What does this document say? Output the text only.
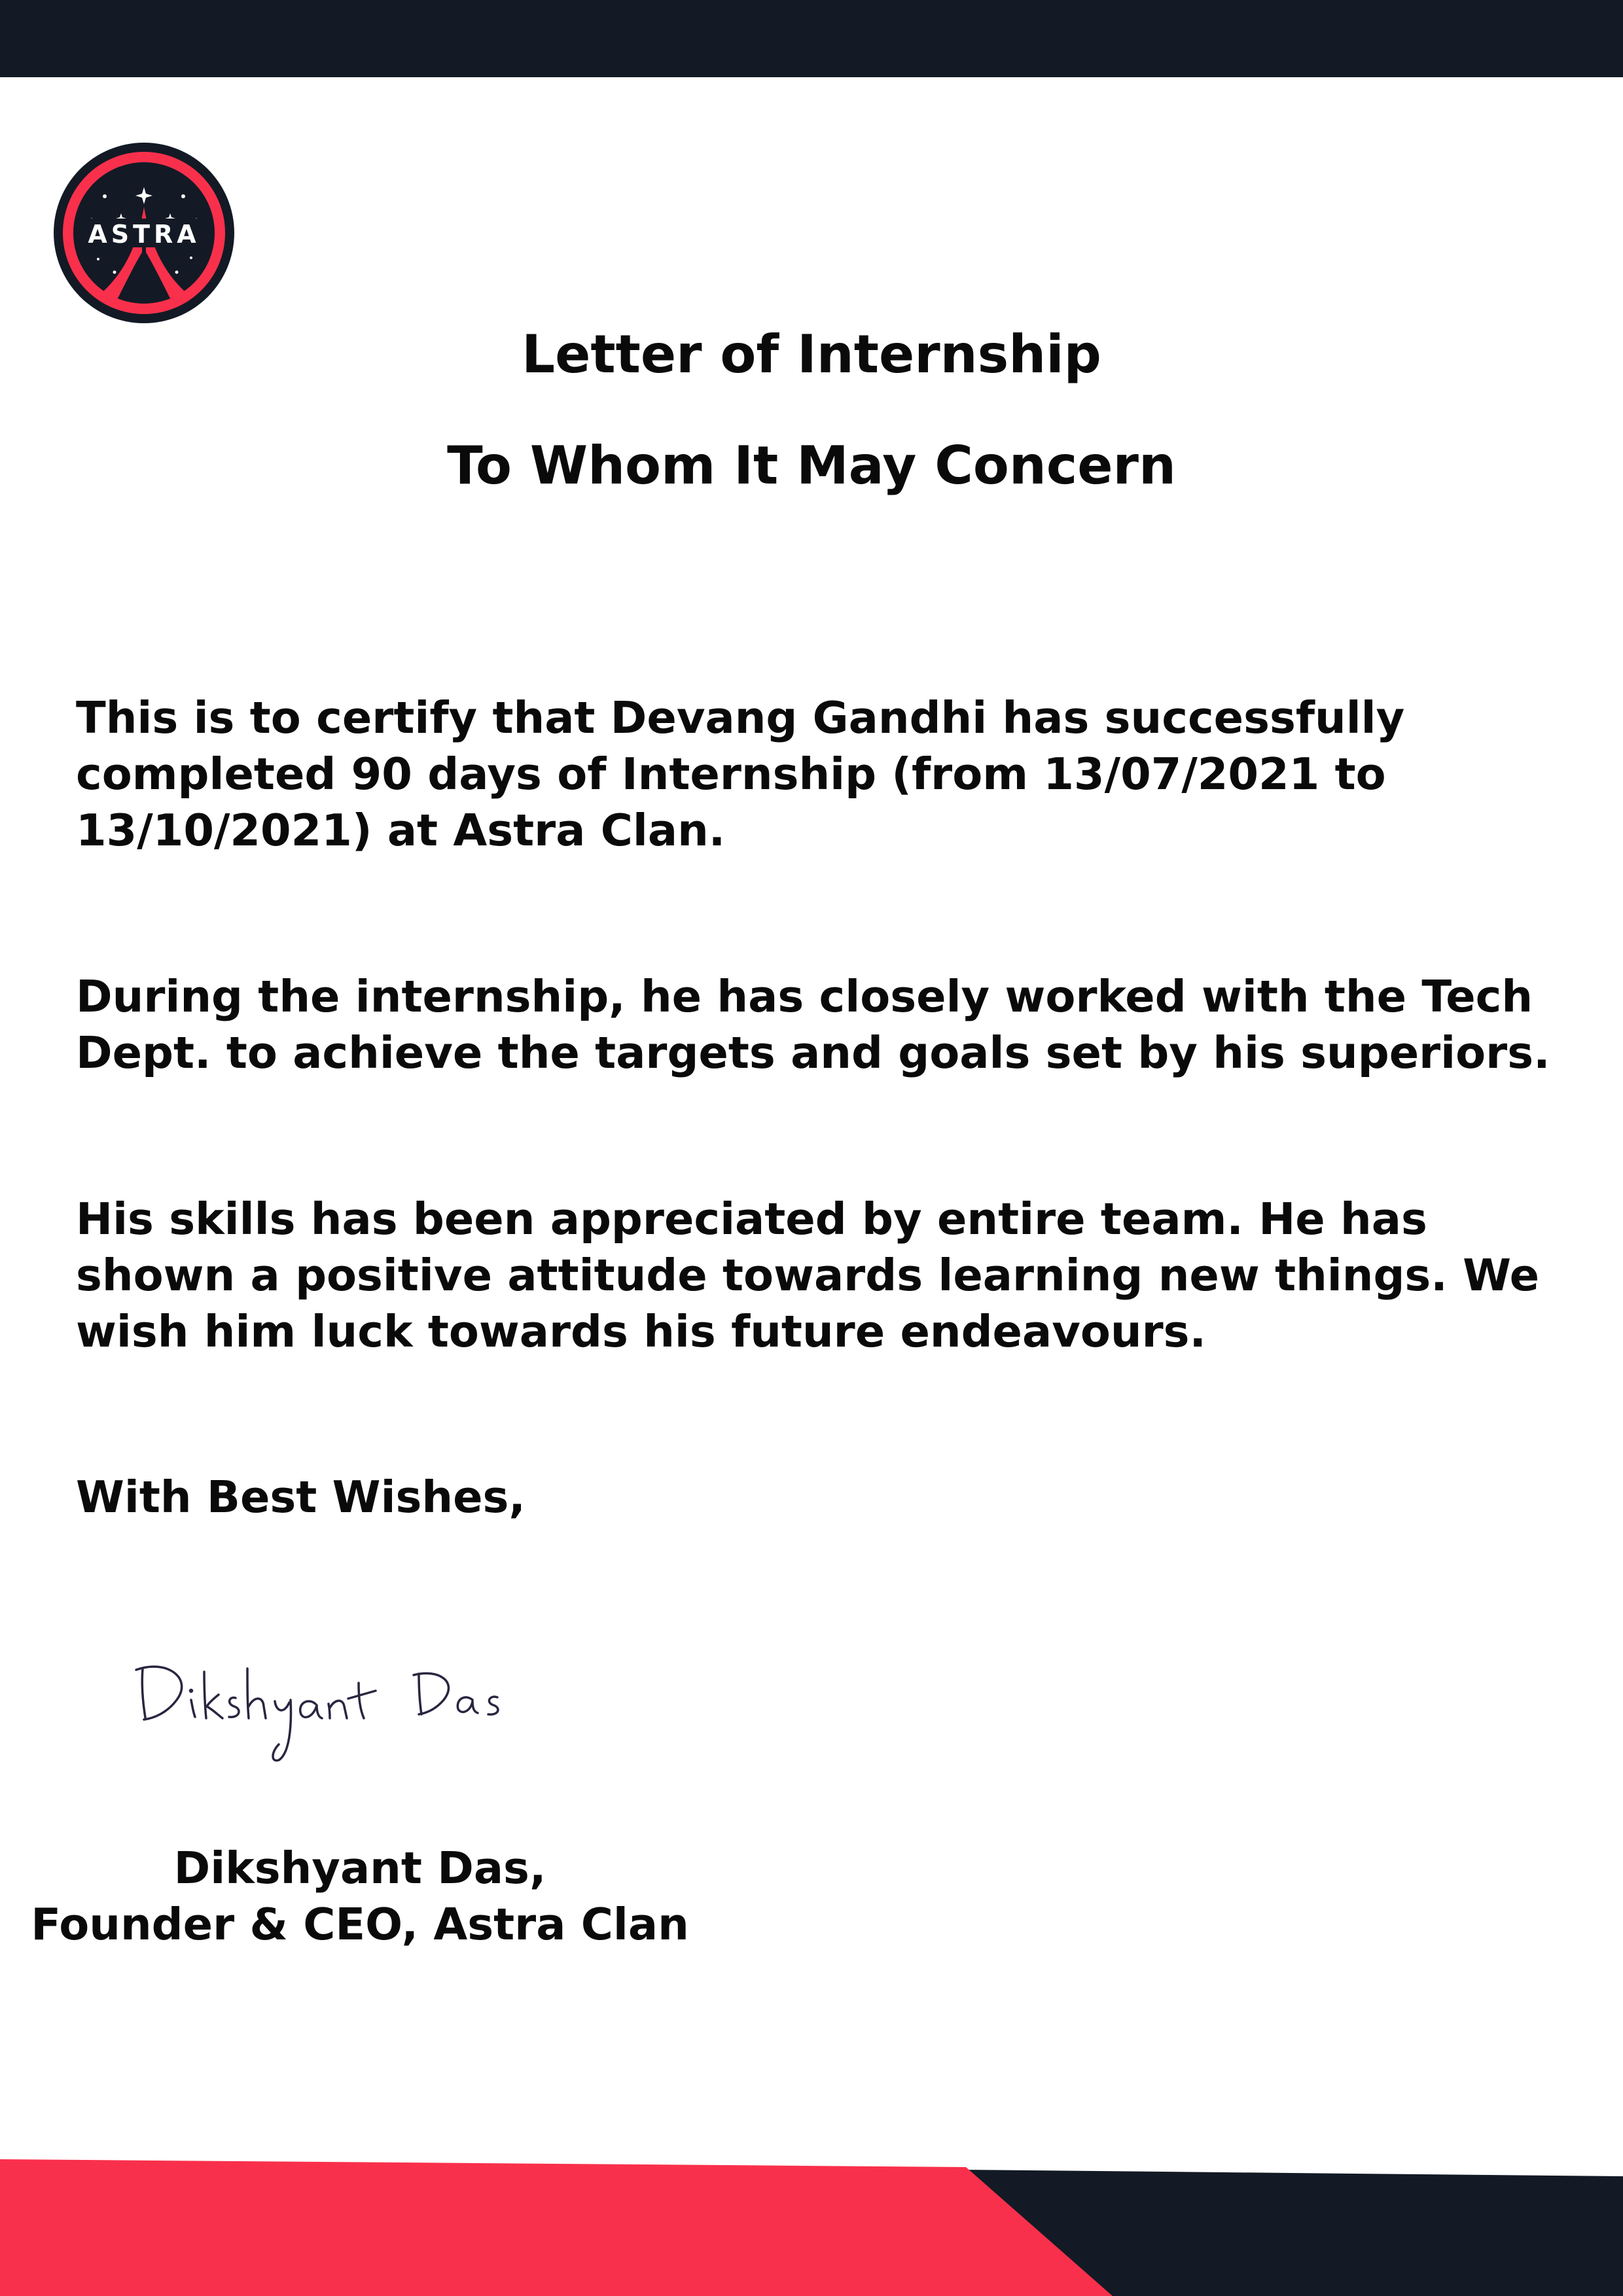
ASTRA
Letter of Internship
To Whom It May Concern

This is to certify that Devang Gandhi has successfully completed 90 days of Internship (from 13/07/2021 to 13/10/2021) at Astra Clan.

During the internship, he has closely worked with the Tech Dept. to achieve the targets and goals set by his superiors.

His skills has been appreciated by entire team. He has shown a positive attitude towards learning new things. We wish him luck towards his future endeavours.

With Best Wishes,

Dikshyant Das,
Founder & CEO, Astra Clan
